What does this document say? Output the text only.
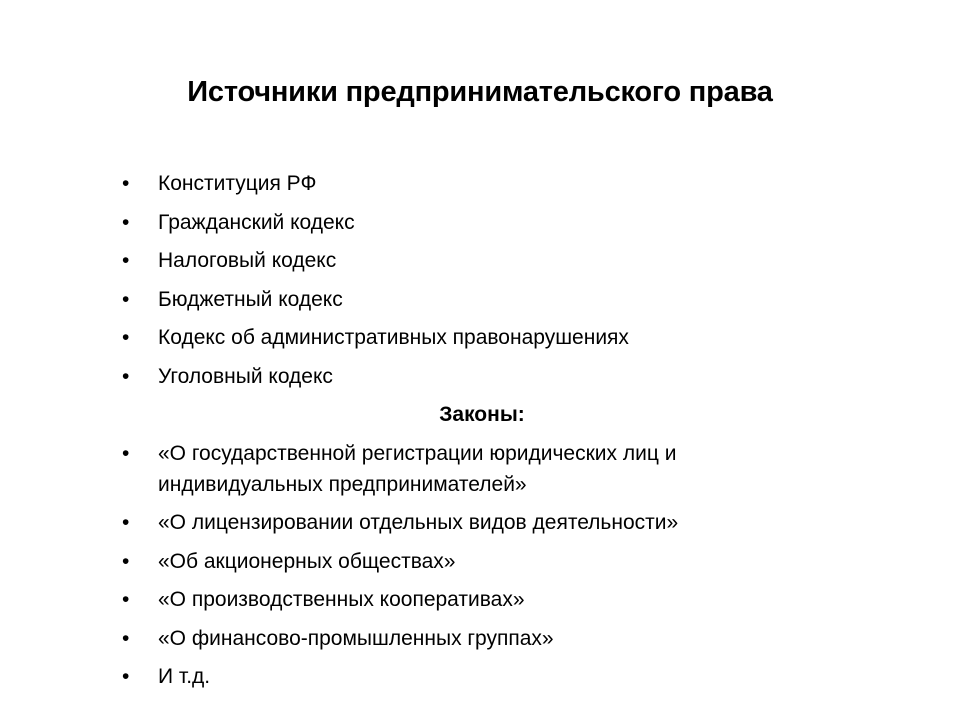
Источники предпринимательского права
• Конституция РФ
• Гражданский кодекс
• Налоговый кодекс
• Бюджетный кодекс
• Кодекс об административных правонарушениях
• Уголовный кодекс
Законы:
• «О государственной регистрации юридических лиц и индивидуальных предпринимателей»
• «О лицензировании отдельных видов деятельности»
• «Об акционерных обществах»
• «О производственных кооперативах»
• «О финансово-промышленных группах»
• И т.д.
